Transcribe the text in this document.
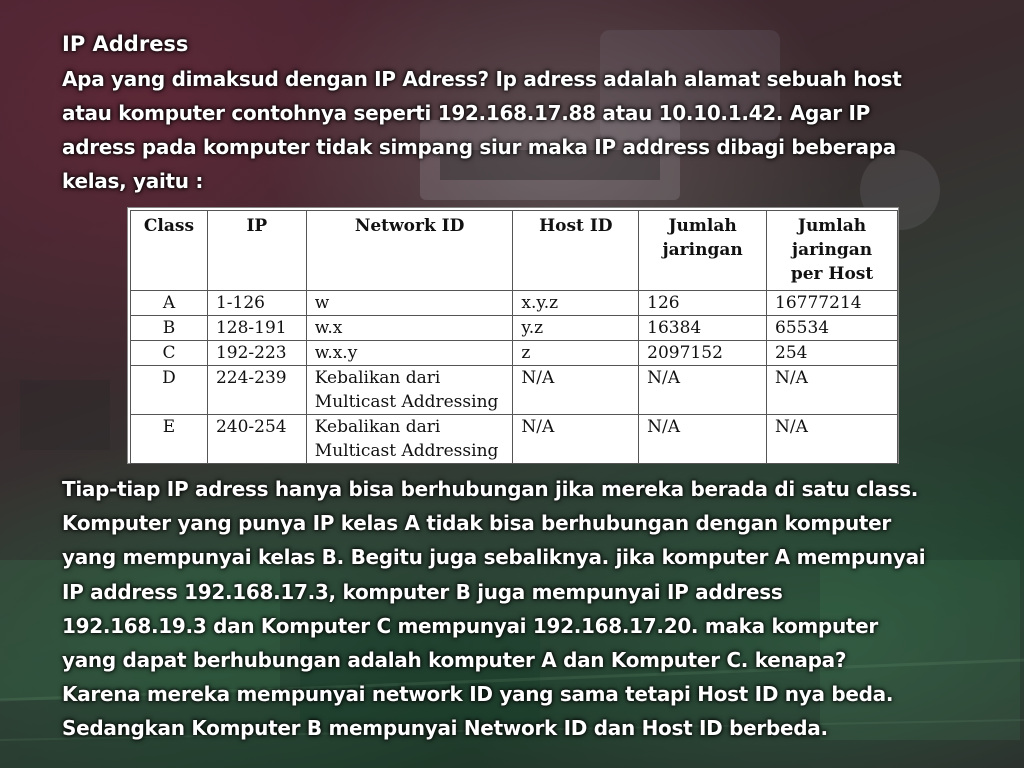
IP Address
Apa yang dimaksud dengan IP Adress? Ip adress adalah alamat sebuah host
atau komputer contohnya seperti 192.168.17.88 atau 10.10.1.42. Agar IP
adress pada komputer tidak simpang siur maka IP address dibagi beberapa
kelas, yaitu :
Class	IP	Network ID	Host ID	Jumlah jaringan	Jumlah jaringan per Host
A	1-126	w	x.y.z	126	16777214
B	128-191	w.x	y.z	16384	65534
C	192-223	w.x.y	z	2097152	254
D	224-239	Kebalikan dari Multicast Addressing	N/A	N/A	N/A
E	240-254	Kebalikan dari Multicast Addressing	N/A	N/A	N/A
Tiap-tiap IP adress hanya bisa berhubungan jika mereka berada di satu class.
Komputer yang punya IP kelas A tidak bisa berhubungan dengan komputer
yang mempunyai kelas B. Begitu juga sebaliknya. jika komputer A mempunyai
IP address 192.168.17.3, komputer B juga mempunyai IP address
192.168.19.3 dan Komputer C mempunyai 192.168.17.20. maka komputer
yang dapat berhubungan adalah komputer A dan Komputer C. kenapa?
Karena mereka mempunyai network ID yang sama tetapi Host ID nya beda.
Sedangkan Komputer B mempunyai Network ID dan Host ID berbeda.
